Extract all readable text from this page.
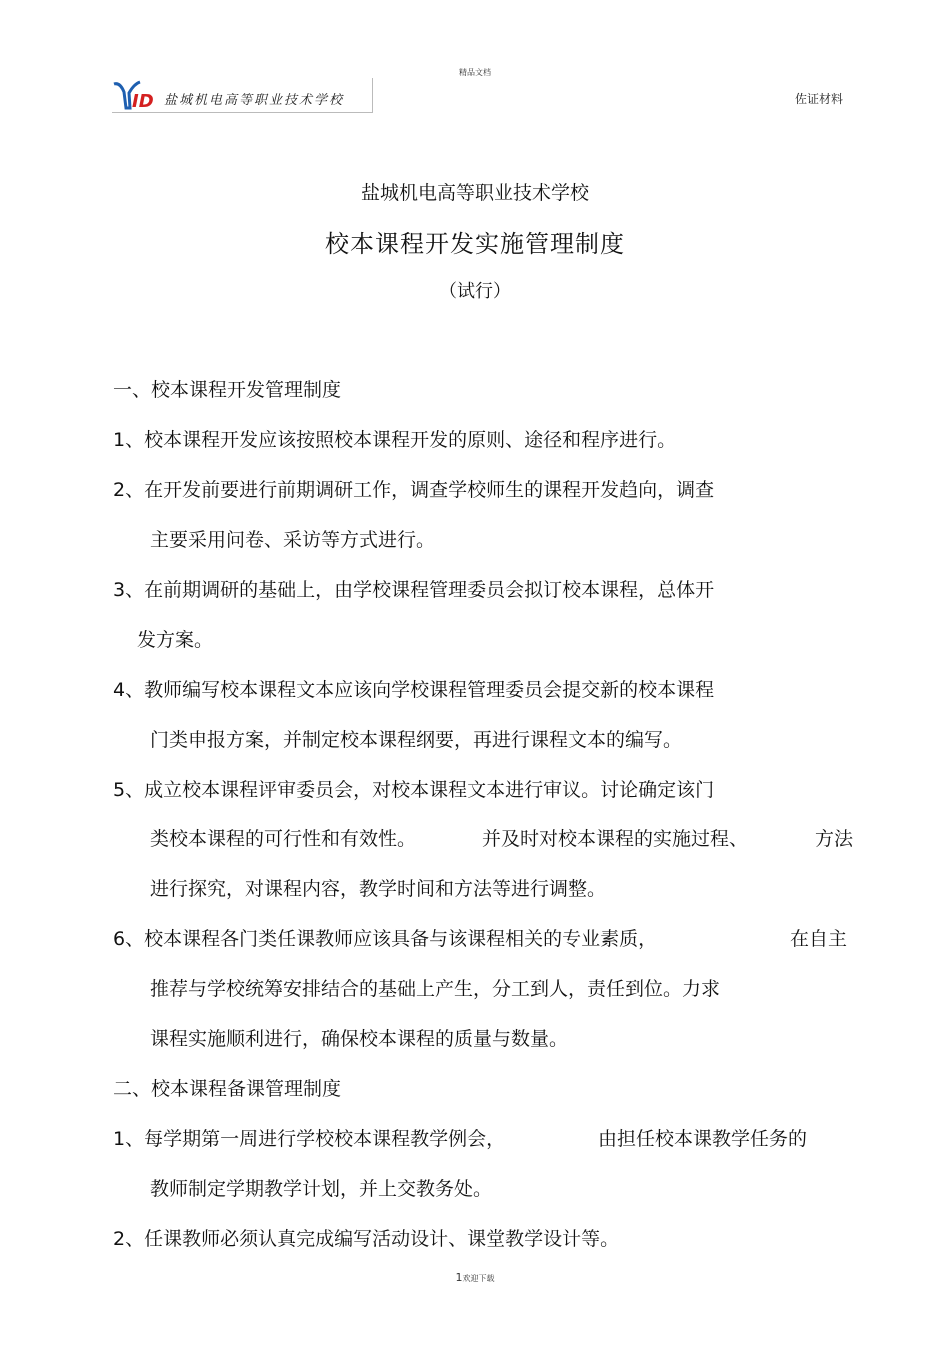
精品文档
ID 盐城机电高等职业技术学校	佐证材料
盐城机电高等职业技术学校
校本课程开发实施管理制度
（试行）
一、校本课程开发管理制度
1、校本课程开发应该按照校本课程开发的原则、途径和程序进行。
2、在开发前要进行前期调研工作，调查学校师生的课程开发趋向，调查
主要采用问卷、采访等方式进行。
3、在前期调研的基础上，由学校课程管理委员会拟订校本课程，总体开
发方案。
4、教师编写校本课程文本应该向学校课程管理委员会提交新的校本课程
门类申报方案，并制定校本课程纲要，再进行课程文本的编写。
5、成立校本课程评审委员会，对校本课程文本进行审议。讨论确定该门
类校本课程的可行性和有效性。	并及时对校本课程的实施过程、	方法
进行探究，对课程内容，教学时间和方法等进行调整。
6、校本课程各门类任课教师应该具备与该课程相关的专业素质，	在自主
推荐与学校统筹安排结合的基础上产生，分工到人，责任到位。力求
课程实施顺利进行，确保校本课程的质量与数量。
二、校本课程备课管理制度
1、每学期第一周进行学校校本课程教学例会，	由担任校本课教学任务的
教师制定学期教学计划，并上交教务处。
2、任课教师必须认真完成编写活动设计、课堂教学设计等。
1欢迎下载
